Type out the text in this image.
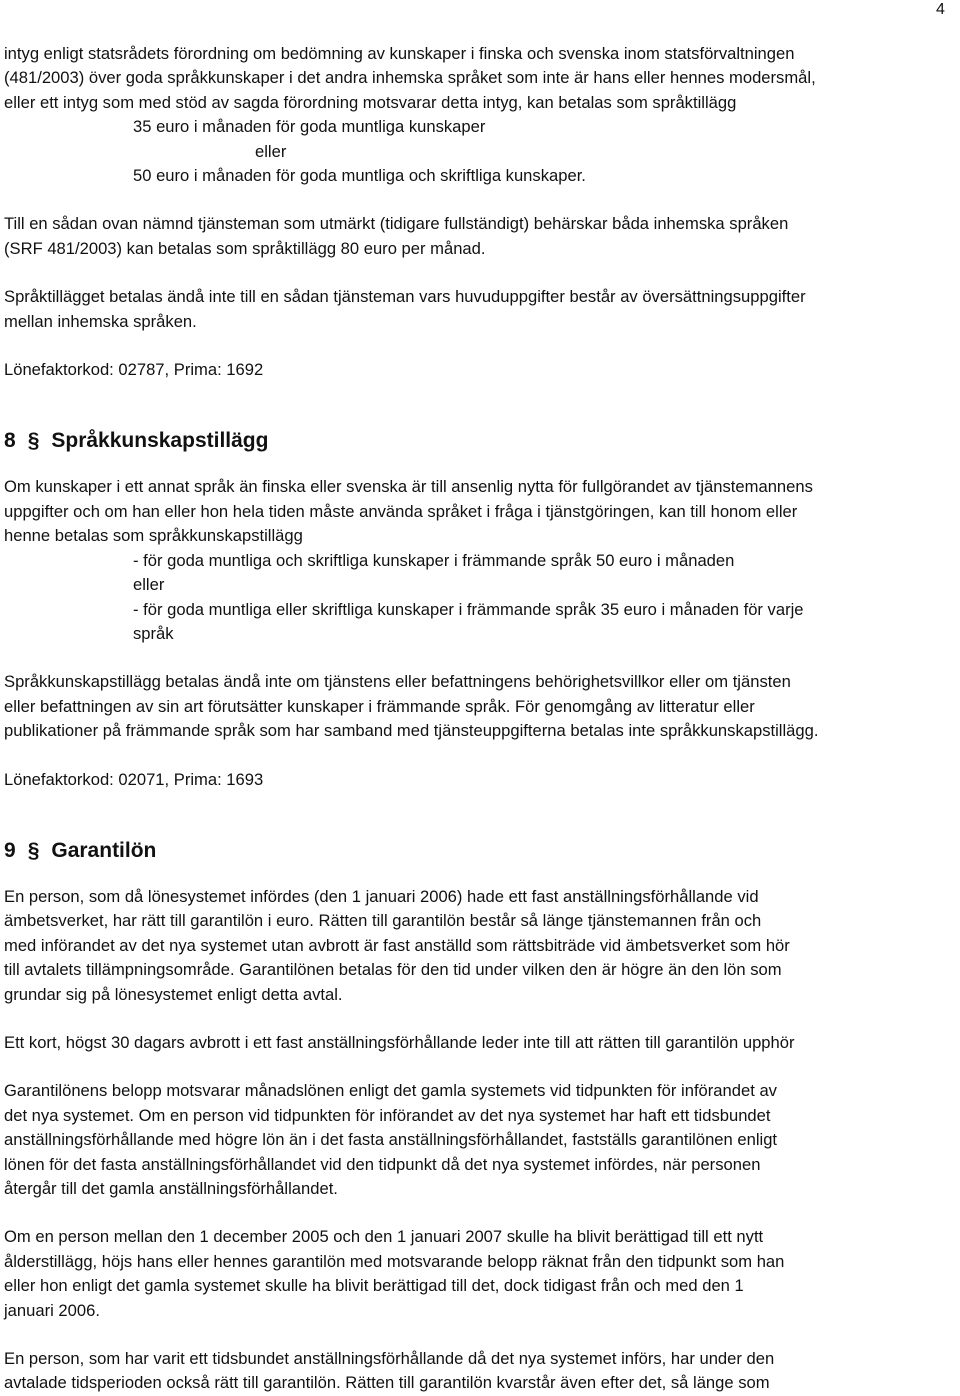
4

intyg enligt statsrådets förordning om bedömning av kunskaper i finska och svenska inom statsförvaltningen

(481/2003) över goda språkkunskaper i det andra inhemska språket som inte är hans eller hennes modersmål,

eller ett intyg som med stöd av sagda förordning motsvarar detta intyg, kan betalas som språktillägg

35 euro i månaden för goda muntliga kunskaper

eller

50 euro i månaden för goda muntliga och skriftliga kunskaper.

Till en sådan ovan nämnd tjänsteman som utmärkt (tidigare fullständigt) behärskar båda inhemska språken

(SRF 481/2003) kan betalas som språktillägg 80 euro per månad.

Språktillägget betalas ändå inte till en sådan tjänsteman vars huvuduppgifter består av översättningsuppgifter

mellan inhemska språken.

Lönefaktorkod: 02787, Prima: 1692

8 § Språkkunskapstillägg

Om kunskaper i ett annat språk än finska eller svenska är till ansenlig nytta för fullgörandet av tjänstemannens

uppgifter och om han eller hon hela tiden måste använda språket i fråga i tjänstgöringen, kan till honom eller

henne betalas som språkkunskapstillägg

- för goda muntliga och skriftliga kunskaper i främmande språk 50 euro i månaden

eller

- för goda muntliga eller skriftliga kunskaper i främmande språk 35 euro i månaden för varje

språk

Språkkunskapstillägg betalas ändå inte om tjänstens eller befattningens behörighetsvillkor eller om tjänsten

eller befattningen av sin art förutsätter kunskaper i främmande språk. För genomgång av litteratur eller

publikationer på främmande språk som har samband med tjänsteuppgifterna betalas inte språkkunskapstillägg.

Lönefaktorkod: 02071, Prima: 1693

9 § Garantilön

En person, som då lönesystemet infördes (den 1 januari 2006) hade ett fast anställningsförhållande vid

ämbetsverket, har rätt till garantilön i euro. Rätten till garantilön består så länge tjänstemannen från och

med införandet av det nya systemet utan avbrott är fast anställd som rättsbiträde vid ämbetsverket som hör

till avtalets tillämpningsområde. Garantilönen betalas för den tid under vilken den är högre än den lön som

grundar sig på lönesystemet enligt detta avtal.

Ett kort, högst 30 dagars avbrott i ett fast anställningsförhållande leder inte till att rätten till garantilön upphör

Garantilönens belopp motsvarar månadslönen enligt det gamla systemets vid tidpunkten för införandet av

det nya systemet. Om en person vid tidpunkten för införandet av det nya systemet har haft ett tidsbundet

anställningsförhållande med högre lön än i det fasta anställningsförhållandet, fastställs garantilönen enligt

lönen för det fasta anställningsförhållandet vid den tidpunkt då det nya systemet infördes, när personen

återgår till det gamla anställningsförhållandet.

Om en person mellan den 1 december 2005 och den 1 januari 2007 skulle ha blivit berättigad till ett nytt

ålderstillägg, höjs hans eller hennes garantilön med motsvarande belopp räknat från den tidpunkt som han

eller hon enligt det gamla systemet skulle ha blivit berättigad till det, dock tidigast från och med den 1

januari 2006.

En person, som har varit ett tidsbundet anställningsförhållande då det nya systemet införs, har under den

avtalade tidsperioden också rätt till garantilön. Rätten till garantilön kvarstår även efter det, så länge som
